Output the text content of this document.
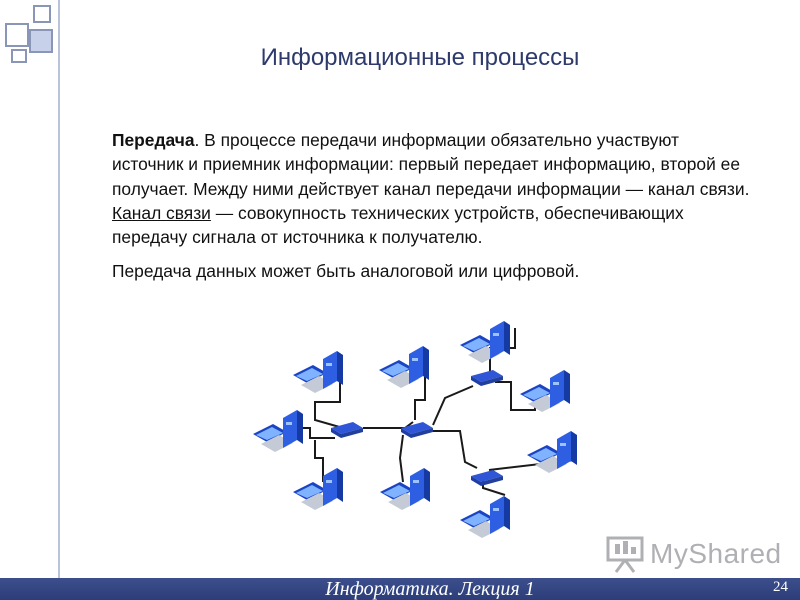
Информационные процессы

Передача. В процессе передачи информации обязательно участвуют источник и приемник информации: первый передает информацию, второй ее получает. Между ними действует канал передачи информации — канал связи.

Канал связи — совокупность технических устройств, обеспечивающих передачу сигнала от источника к получателю.

Передача данных может быть аналоговой или цифровой.

MyShared
Информатика. Лекция 1	24
